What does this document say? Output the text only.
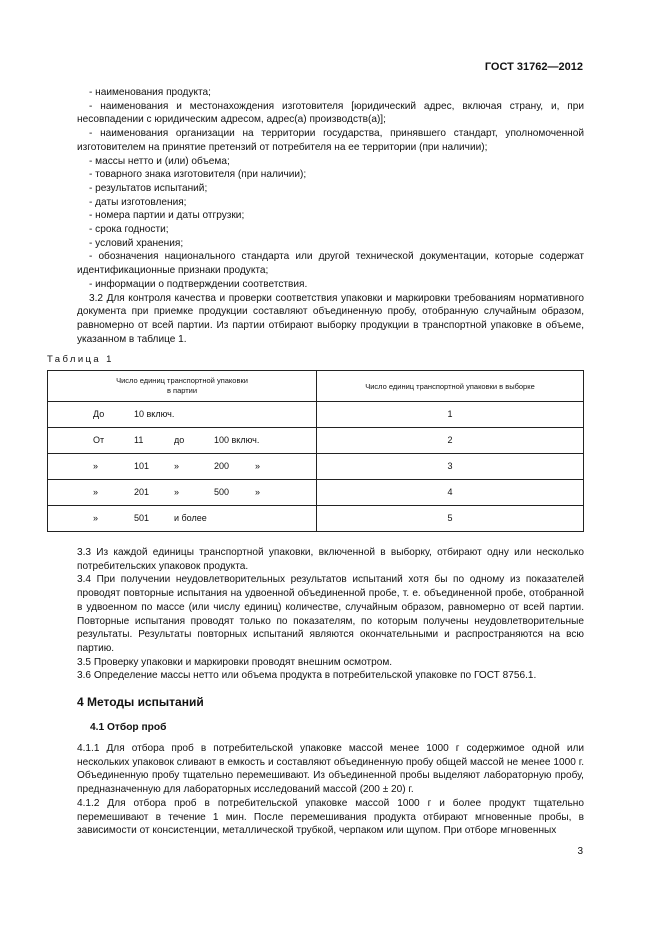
ГОСТ 31762—2012

- наименования продукта;

- наименования и местонахождения изготовителя [юридический адрес, включая страну, и, при несовпадении с юридическим адресом, адрес(а) производств(а)];

- наименования организации на территории государства, принявшего стандарт, уполномоченной изготовителем на принятие претензий от потребителя на ее территории (при наличии);

- массы нетто и (или) объема;

- товарного знака изготовителя (при наличии);

- результатов испытаний;

- даты изготовления;

- номера партии и даты отгрузки;

- срока годности;

- условий хранения;

- обозначения национального стандарта или другой технической документации, которые содержат идентификационные признаки продукта;

- информации о подтверждении соответствия.

3.2 Для контроля качества и проверки соответствия упаковки и маркировки требованиям нормативного документа при приемке продукции составляют объединенную пробу, отобранную случайным образом, равномерно от всей партии. Из партии отбирают выборку продукции в транспортной упаковке в объеме, указанном в таблице 1.

Таблица 1
Число единиц транспортной упаковки
в партии	Число единиц транспортной упаковки в выборке

До 10 включ.	1

От 11 до 100 включ.	2

» 101 » 200 »	3

» 201 » 500 »	4

» 501 и более	5

3.3 Из каждой единицы транспортной упаковки, включенной в выборку, отбирают одну или несколько потребительских упаковок продукта.

3.4 При получении неудовлетворительных результатов испытаний хотя бы по одному из показателей проводят повторные испытания на удвоенной объединенной пробе, т. е. объединенной пробе, отобранной в удвоенном по массе (или числу единиц) количестве, случайным образом, равномерно от всей партии. Повторные испытания проводят только по показателям, по которым получены неудовлетворительные результаты. Результаты повторных испытаний являются окончательными и распространяются на всю партию.

3.5 Проверку упаковки и маркировки проводят внешним осмотром.

3.6 Определение массы нетто или объема продукта в потребительской упаковке по ГОСТ 8756.1.

4 Методы испытаний
4.1 Отбор проб

4.1.1 Для отбора проб в потребительской упаковке массой менее 1000 г содержимое одной или нескольких упаковок сливают в емкость и составляют объединенную пробу общей массой не менее 1000 г. Объединенную пробу тщательно перемешивают. Из объединенной пробы выделяют лабораторную пробу, предназначенную для лабораторных исследований массой (200 ± 20) г.

4.1.2 Для отбора проб в потребительской упаковке массой 1000 г и более продукт тщательно перемешивают в течение 1 мин. После перемешивания продукта отбирают мгновенные пробы, в зависимости от консистенции, металлической трубкой, черпаком или щупом. При отборе мгновенных

3
